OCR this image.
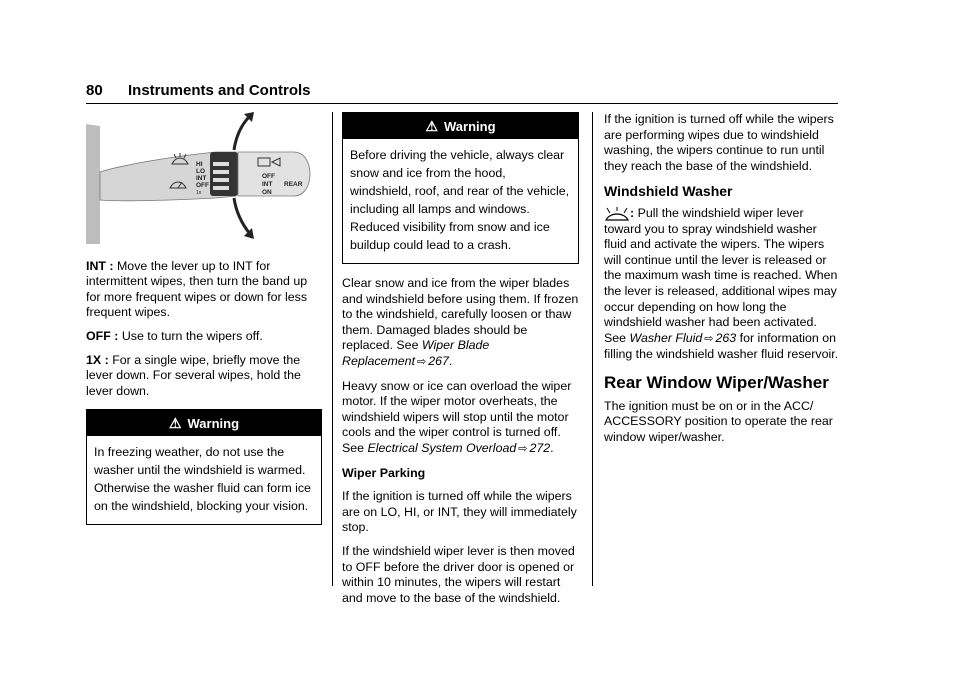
80 Instruments and Controls
HI
LO
INT
OFF
1x
OFF
INT
ON
REAR

INT : Move the lever up to INT for intermittent wipes, then turn the band up for more frequent wipes or down for less frequent wipes.

OFF : Use to turn the wipers off.

1X : For a single wipe, briefly move the lever down. For several wipes, hold the lever down.

⚠ Warning
In freezing weather, do not use the washer until the windshield is warmed. Otherwise the washer fluid can form ice on the windshield, blocking your vision.
⚠ Warning
Before driving the vehicle, always clear snow and ice from the hood, windshield, roof, and rear of the vehicle, including all lamps and windows. Reduced visibility from snow and ice buildup could lead to a crash.

Clear snow and ice from the wiper blades and windshield before using them. If frozen to the windshield, carefully loosen or thaw them. Damaged blades should be replaced. See Wiper Blade Replacement ⇨ 267.

Heavy snow or ice can overload the wiper motor. If the wiper motor overheats, the windshield wipers will stop until the motor cools and the wiper control is turned off. See Electrical System Overload ⇨ 272.

Wiper Parking

If the ignition is turned off while the wipers are on LO, HI, or INT, they will immediately stop.

If the windshield wiper lever is then moved to OFF before the driver door is opened or within 10 minutes, the wipers will restart and move to the base of the windshield.

If the ignition is turned off while the wipers are performing wipes due to windshield washing, the wipers continue to run until they reach the base of the windshield.

Windshield Washer

: Pull the windshield wiper lever toward you to spray windshield washer fluid and activate the wipers. The wipers will continue until the lever is released or the maximum wash time is reached. When the lever is released, additional wipes may occur depending on how long the windshield washer had been activated. See Washer Fluid ⇨ 263 for information on filling the windshield washer fluid reservoir.

Rear Window Wiper/Washer

The ignition must be on or in the ACC/ ACCESSORY position to operate the rear window wiper/washer.
